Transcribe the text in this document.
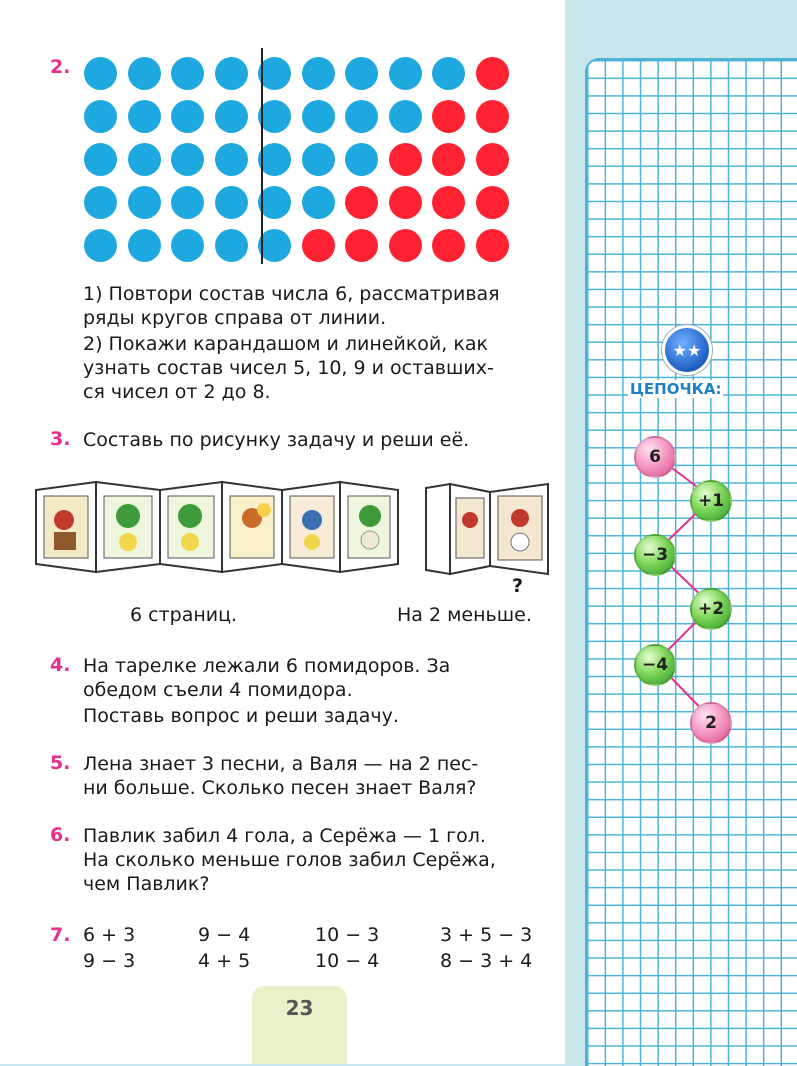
2.
1) Повтори состав числа 6, рассматривая
ряды кругов справа от линии.
2) Покажи карандашом и линейкой, как
узнать состав чисел 5, 10, 9 и оставших-
ся чисел от 2 до 8.
3. Составь по рисунку задачу и реши её.
?
6 страниц.	На 2 меньше.
4. На тарелке лежали 6 помидоров. За
обедом съели 4 помидора.
Поставь вопрос и реши задачу.
5. Лена знает 3 песни, а Валя — на 2 пес-
ни больше. Сколько песен знает Валя?
6. Павлик забил 4 гола, а Серёжа — 1 гол.
На сколько меньше голов забил Серёжа,
чем Павлик?
7. 6 + 3	9 − 4	10 − 3	3 + 5 − 3
9 − 3	4 + 5	10 − 4	8 − 3 + 4
23
★★
ЦЕПОЧКА:
6
+1
−3
+2
−4
2
